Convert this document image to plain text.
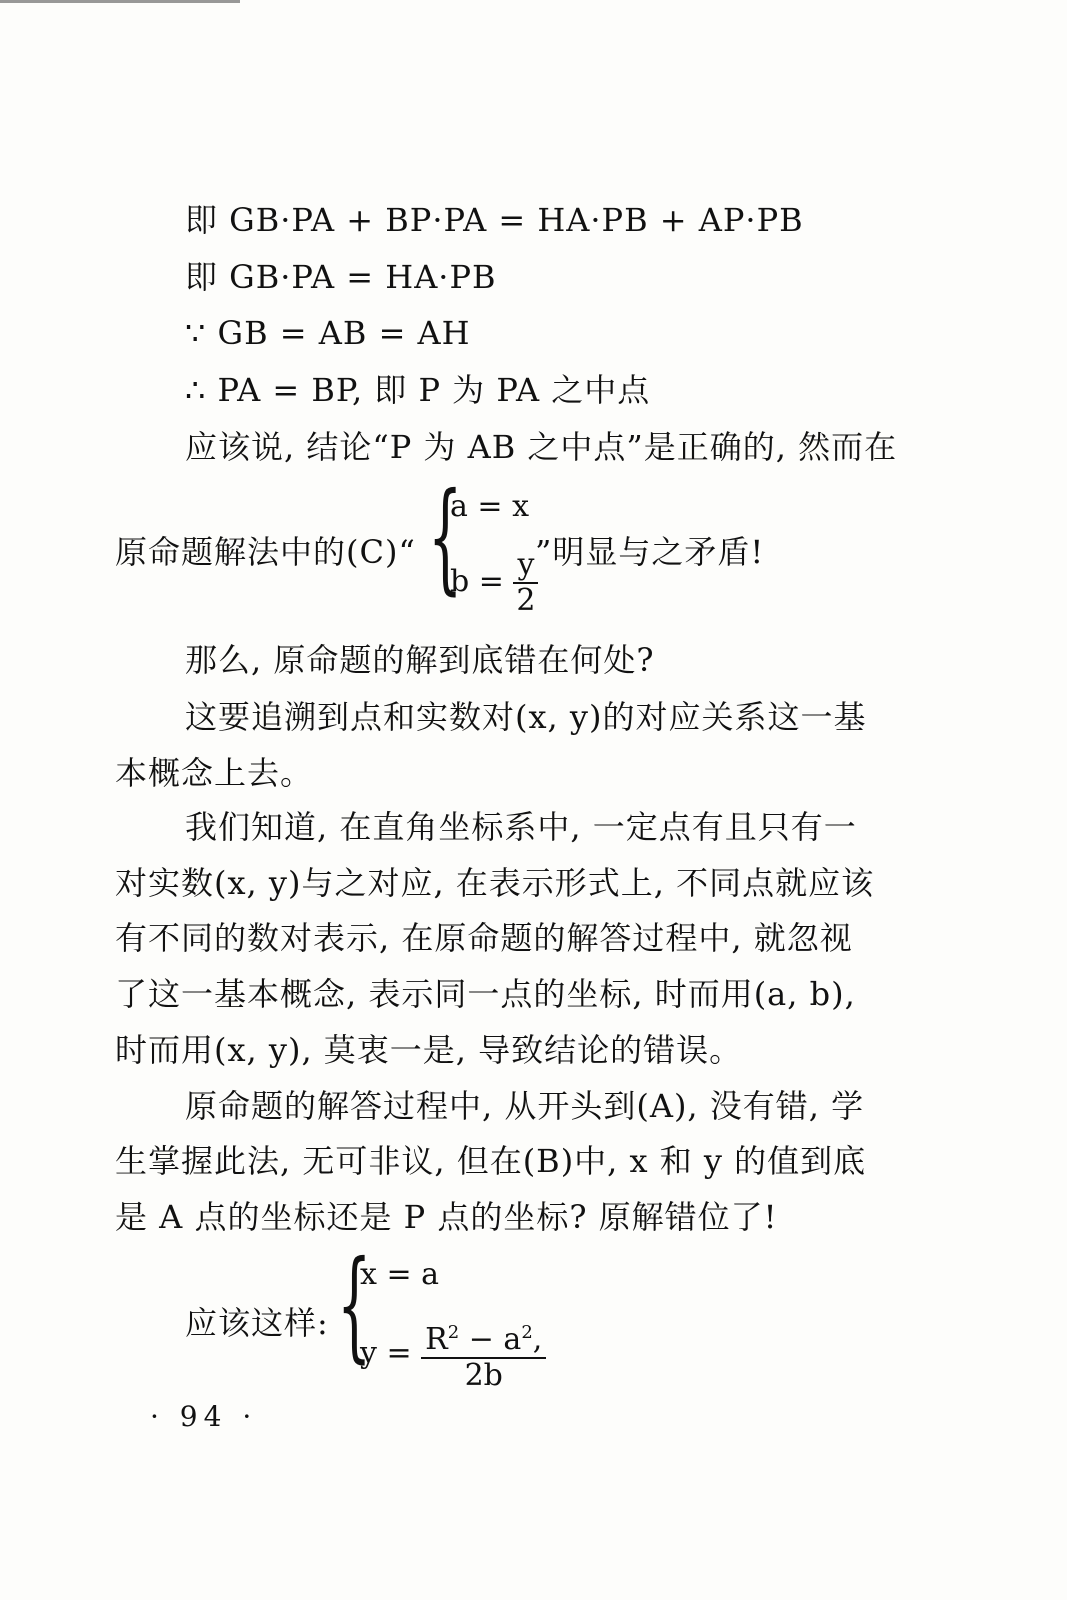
即 GB·PA + BP·PA = HA·PB + AP·PB
即 GB·PA = HA·PB
∵ GB = AB = AH
∴ PA = BP, 即 P 为 PA 之中点
应该说, 结论“P 为 AB 之中点”是正确的, 然而在
原命题解法中的(C)“ {
a = x
$b = \frac{y}{2}$
”明显与之矛盾!
那么, 原命题的解到底错在何处?
这要追溯到点和实数对(x, y)的对应关系这一基
本概念上去。
我们知道, 在直角坐标系中, 一定点有且只有一
对实数(x, y)与之对应, 在表示形式上, 不同点就应该
有不同的数对表示, 在原命题的解答过程中, 就忽视
了这一基本概念, 表示同一点的坐标, 时而用(a, b),
时而用(x, y), 莫衷一是, 导致结论的错误。
原命题的解答过程中, 从开头到(A), 没有错, 学
生掌握此法, 无可非议, 但在(B)中, x 和 y 的值到底
是 A 点的坐标还是 P 点的坐标? 原解错位了!
应该这样: {
x = a
$y = \frac{R^2 - a^2,}{2b}$
· 94 ·
